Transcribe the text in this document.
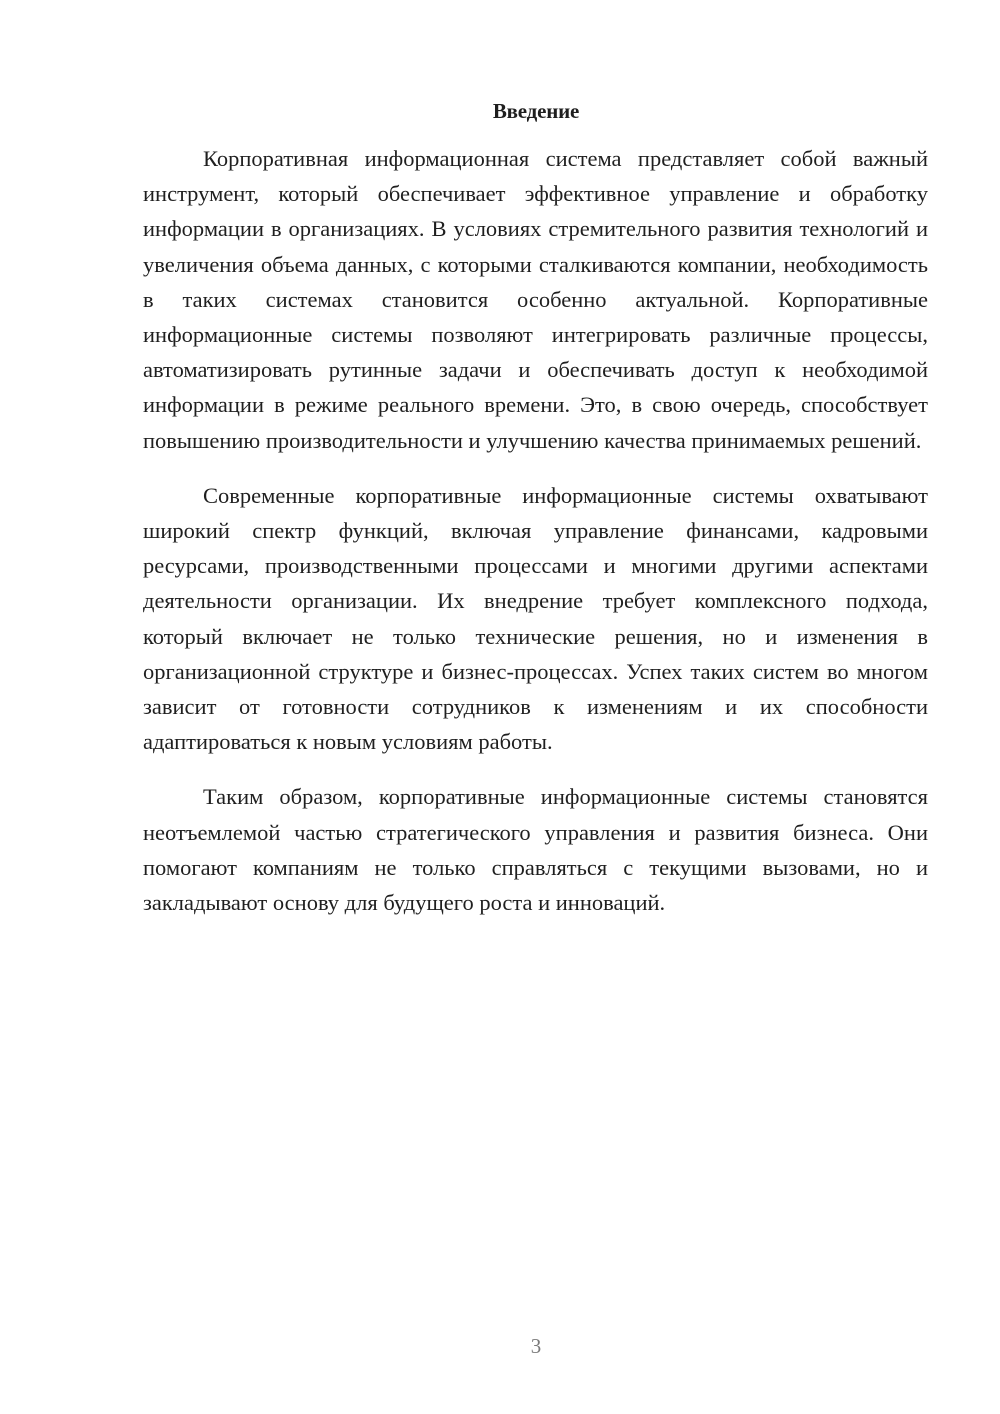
Введение

Корпоративная информационная система представляет собой важный инструмент, который обеспечивает эффективное управление и обработку информации в организациях. В условиях стремительного развития технологий и увеличения объема данных, с которыми сталкиваются компании, необходимость в таких системах становится особенно актуальной. Корпоративные информационные системы позволяют интегрировать различные процессы, автоматизировать рутинные задачи и обеспечивать доступ к необходимой информации в режиме реального времени. Это, в свою очередь, способствует повышению производительности и улучшению качества принимаемых решений.

Современные корпоративные информационные системы охватывают широкий спектр функций, включая управление финансами, кадровыми ресурсами, производственными процессами и многими другими аспектами деятельности организации. Их внедрение требует комплексного подхода, который включает не только технические решения, но и изменения в организационной структуре и бизнес-процессах. Успех таких систем во многом зависит от готовности сотрудников к изменениям и их способности адаптироваться к новым условиям работы.

Таким образом, корпоративные информационные системы становятся неотъемлемой частью стратегического управления и развития бизнеса. Они помогают компаниям не только справляться с текущими вызовами, но и закладывают основу для будущего роста и инноваций.

3
